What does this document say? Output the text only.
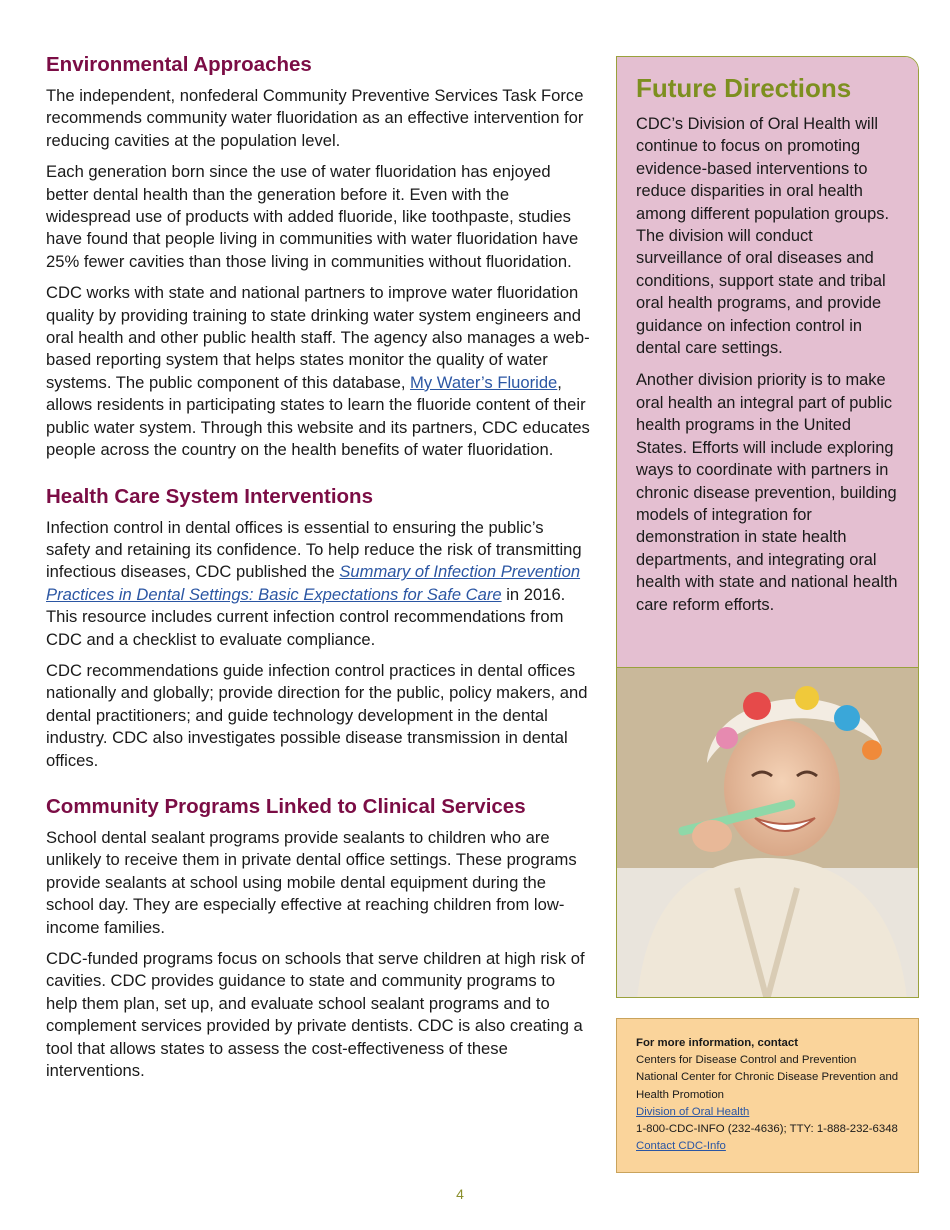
Environmental Approaches

The independent, nonfederal Community Preventive Services Task Force recommends community water fluoridation as an effective intervention for reducing cavities at the population level.

Each generation born since the use of water fluoridation has enjoyed better dental health than the generation before it. Even with the widespread use of products with added fluoride, like toothpaste, studies have found that people living in communities with water fluoridation have 25% fewer cavities than those living in communities without fluoridation.

CDC works with state and national partners to improve water fluoridation quality by providing training to state drinking water system engineers and oral health and other public health staff. The agency also manages a web-based reporting system that helps states monitor the quality of water systems. The public component of this database, My Water’s Fluoride, allows residents in participating states to learn the fluoride content of their public water system. Through this website and its partners, CDC educates people across the country on the health benefits of water fluoridation.

Health Care System Interventions

Infection control in dental offices is essential to ensuring the public’s safety and retaining its confidence. To help reduce the risk of transmitting infectious diseases, CDC published the Summary of Infection Prevention Practices in Dental Settings: Basic Expectations for Safe Care in 2016. This resource includes current infection control recommendations from CDC and a checklist to evaluate compliance.

CDC recommendations guide infection control practices in dental offices nationally and globally; provide direction for the public, policy makers, and dental practitioners; and guide technology development in the dental industry. CDC also investigates possible disease transmission in dental offices.

Community Programs Linked to Clinical Services

School dental sealant programs provide sealants to children who are unlikely to receive them in private dental office settings. These programs provide sealants at school using mobile dental equipment during the school day. They are especially effective at reaching children from low-income families.

CDC-funded programs focus on schools that serve children at high risk of cavities. CDC provides guidance to state and community programs to help them plan, set up, and evaluate school sealant programs and to complement services provided by private dentists. CDC is also creating a tool that allows states to assess the cost-effectiveness of these interventions.

Future Directions

CDC’s Division of Oral Health will continue to focus on promoting evidence-based interventions to reduce disparities in oral health among different population groups. The division will conduct surveillance of oral diseases and conditions, support state and tribal oral health programs, and provide guidance on infection control in dental care settings.

Another division priority is to make oral health an integral part of public health programs in the United States. Efforts will include exploring ways to coordinate with partners in chronic disease prevention, building models of integration for demonstration in state health departments, and integrating oral health with state and national health care reform efforts.

For more information, contact
Centers for Disease Control and Prevention
National Center for Chronic Disease Prevention and Health Promotion
Division of Oral Health
1-800-CDC-INFO (232-4636); TTY: 1-888-232-6348
Contact CDC-Info
4
